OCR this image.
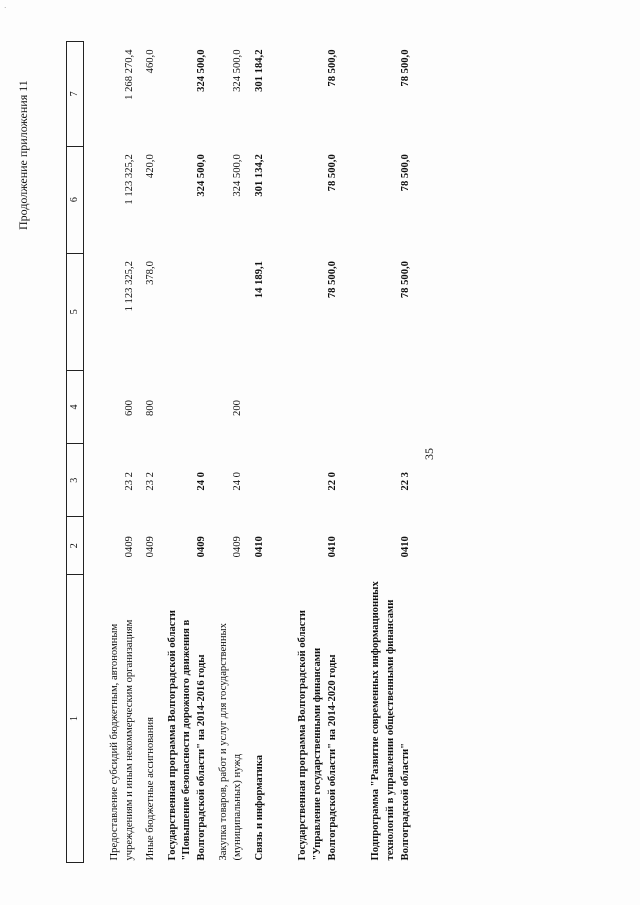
35
Продолжение приложения 11
1	2	3	4	5	6	7

Предоставление субсидий бюджетным, автономным учреждениям и иным некоммерческим организациям	0409	23 2	600	1 123 325,2	1 123 325,2	1 268 270,4
Иные бюджетные ассигнования	0409	23 2	800	378,0	420,0	460,0
Государственная программа Волгоградской области "Повышение безопасности дорожного движения в Волгоградской области" на 2014-2016 годы	0409	24 0			324 500,0	324 500,0
Закупка товаров, работ и услуг для государственных (муниципальных) нужд	0409	24 0	200		324 500,0	324 500,0
Связь и информатика	0410			14 189,1	301 134,2	301 184,2

Государственная программа Волгоградской области "Управление государственными финансами Волгоградской области" на 2014-2020 годы	0410	22 0		78 500,0	78 500,0	78 500,0

Подпрограмма "Развитие современных информационных технологий в управлении общественными финансами Волгоградской области"	0410	22 3		78 500,0	78 500,0	78 500,0
·
